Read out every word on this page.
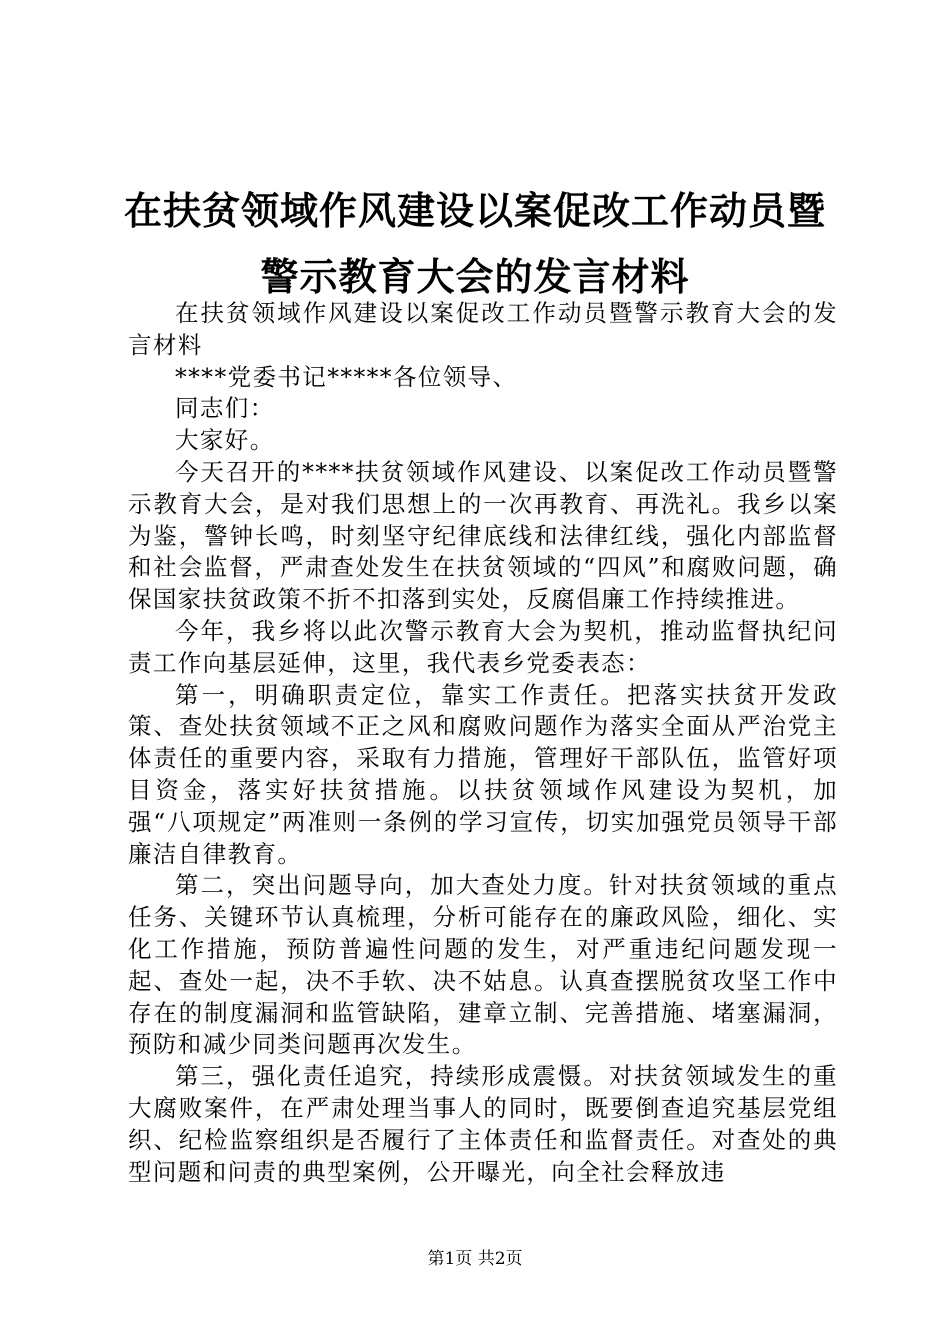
在扶贫领域作风建设以案促改工作动员暨警示教育大会的发言材料

在扶贫领域作风建设以案促改工作动员暨警示教育大会的发言材料

****党委书记*****各位领导、

同志们：

大家好。

今天召开的****扶贫领域作风建设、以案促改工作动员暨警示教育大会，是对我们思想上的一次再教育、再洗礼。我乡以案为鉴，警钟长鸣，时刻坚守纪律底线和法律红线，强化内部监督和社会监督，严肃查处发生在扶贫领域的“四风”和腐败问题，确保国家扶贫政策不折不扣落到实处，反腐倡廉工作持续推进。

今年，我乡将以此次警示教育大会为契机，推动监督执纪问责工作向基层延伸，这里，我代表乡党委表态：

第一，明确职责定位，靠实工作责任。把落实扶贫开发政策、查处扶贫领域不正之风和腐败问题作为落实全面从严治党主体责任的重要内容，采取有力措施，管理好干部队伍，监管好项目资金，落实好扶贫措施。以扶贫领域作风建设为契机，加强“八项规定”两准则一条例的学习宣传，切实加强党员领导干部廉洁自律教育。

第二，突出问题导向，加大查处力度。针对扶贫领域的重点任务、关键环节认真梳理，分析可能存在的廉政风险，细化、实化工作措施，预防普遍性问题的发生，对严重违纪问题发现一起、查处一起，决不手软、决不姑息。认真查摆脱贫攻坚工作中存在的制度漏洞和监管缺陷，建章立制、完善措施、堵塞漏洞，预防和减少同类问题再次发生。

第三，强化责任追究，持续形成震慑。对扶贫领域发生的重大腐败案件，在严肃处理当事人的同时，既要倒查追究基层党组织、纪检监察组织是否履行了主体责任和监督责任。对查处的典型问题和问责的典型案例，公开曝光，向全社会释放违

第1页 共2页
